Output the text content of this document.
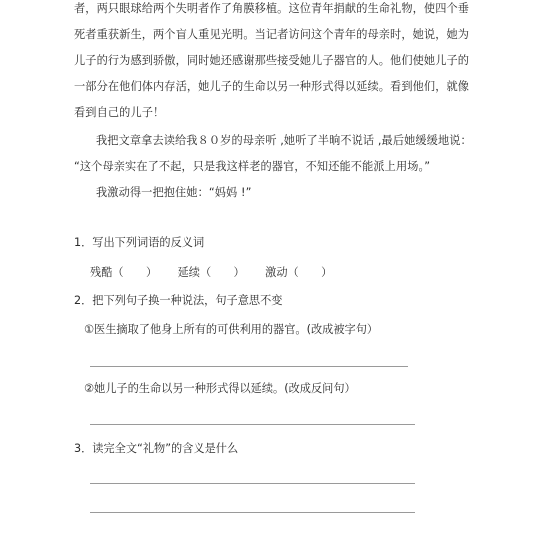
者，两只眼球给两个失明者作了角膜移植。这位青年捐献的生命礼物，使四个垂
死者重获新生，两个盲人重见光明。当记者访问这个青年的母亲时，她说，她为
儿子的行为感到骄傲，同时她还感谢那些接受她儿子器官的人。他们使她儿子的
一部分在他们体内存活，她儿子的生命以另一种形式得以延续。看到他们，就像
看到自己的儿子！
我把文章拿去读给我８０岁的母亲听 ,她听了半晌不说话 ,最后她缓缓地说：
“这个母亲实在了不起，只是我这样老的器官，不知还能不能派上用场。”
我激动得一把抱住她：“妈妈 !”
1．写出下列词语的反义词
残酷（　　） 延续（　　） 激动（　　）
2．把下列句子换一种说法，句子意思不变
①医生摘取了他身上所有的可供利用的器官。(改成被字句）
②她儿子的生命以另一种形式得以延续。(改成反问句）
3．读完全文“礼物”的含义是什么
